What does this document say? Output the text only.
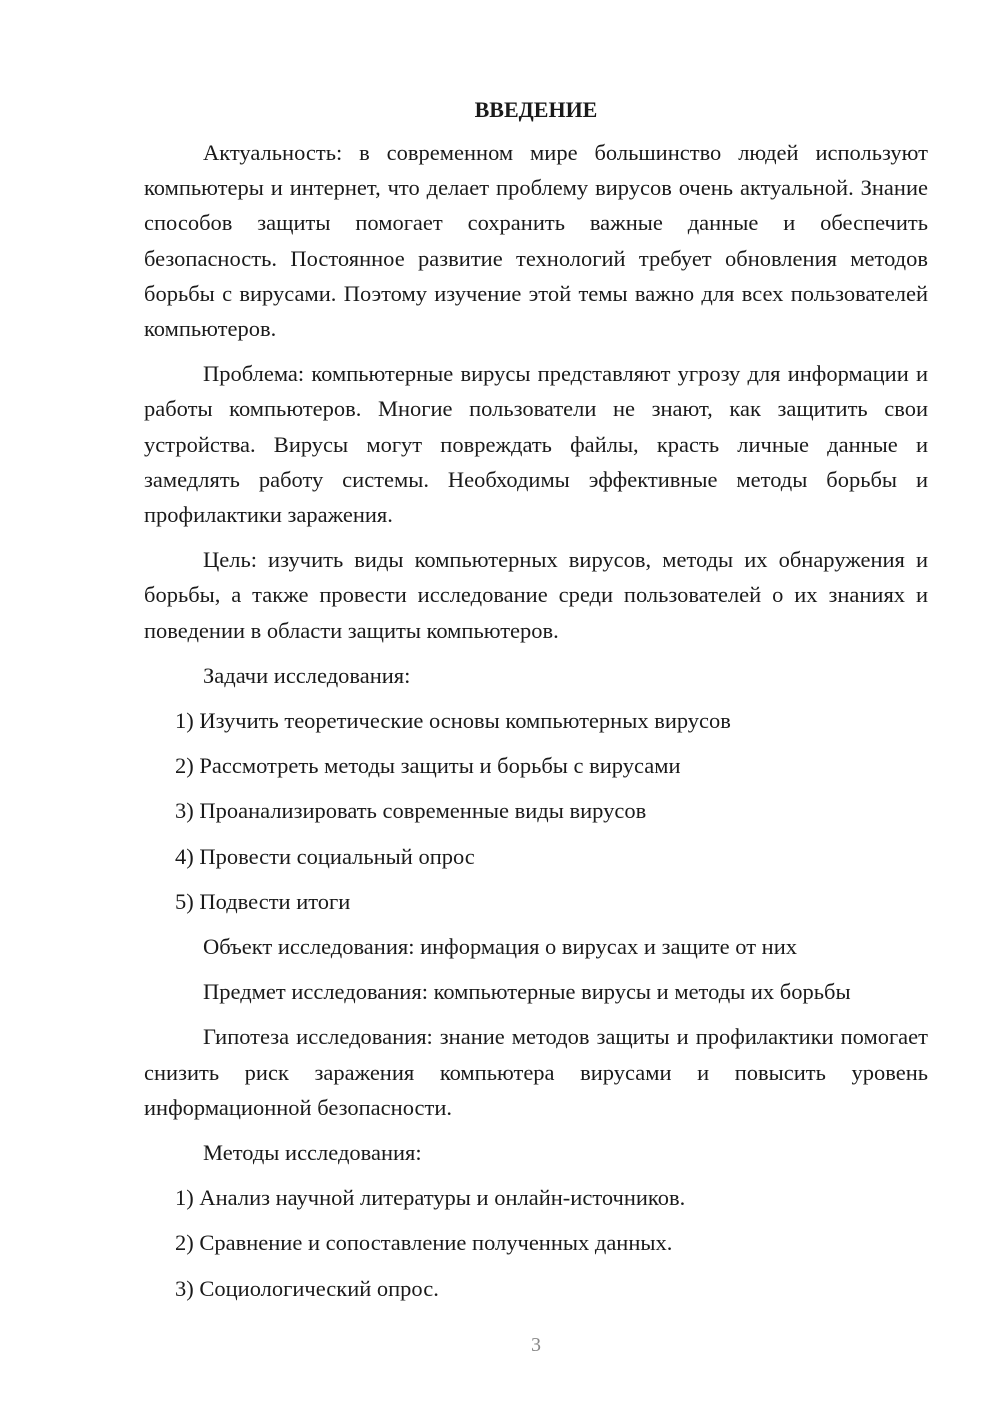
ВВЕДЕНИЕ

Актуальность: в современном мире большинство людей используют компьютеры и интернет, что делает проблему вирусов очень актуальной. Знание способов защиты помогает сохранить важные данные и обеспечить безопасность. Постоянное развитие технологий требует обновления методов борьбы с вирусами. Поэтому изучение этой темы важно для всех пользователей компьютеров.

Проблема: компьютерные вирусы представляют угрозу для информации и работы компьютеров. Многие пользователи не знают, как защитить свои устройства. Вирусы могут повреждать файлы, красть личные данные и замедлять работу системы. Необходимы эффективные методы борьбы и профилактики заражения.

Цель: изучить виды компьютерных вирусов, методы их обнаружения и борьбы, а также провести исследование среди пользователей о их знаниях и поведении в области защиты компьютеров.

Задачи исследования:
1) Изучить теоретические основы компьютерных вирусов
2) Рассмотреть методы защиты и борьбы с вирусами
3) Проанализировать современные виды вирусов
4) Провести социальный опрос
5) Подвести итоги
Объект исследования: информация о вирусах и защите от них
Предмет исследования: компьютерные вирусы и методы их борьбы

Гипотеза исследования: знание методов защиты и профилактики помогает снизить риск заражения компьютера вирусами и повысить уровень информационной безопасности.

Методы исследования:
1) Анализ научной литературы и онлайн-источников.
2) Сравнение и сопоставление полученных данных.
3) Социологический опрос.
3
